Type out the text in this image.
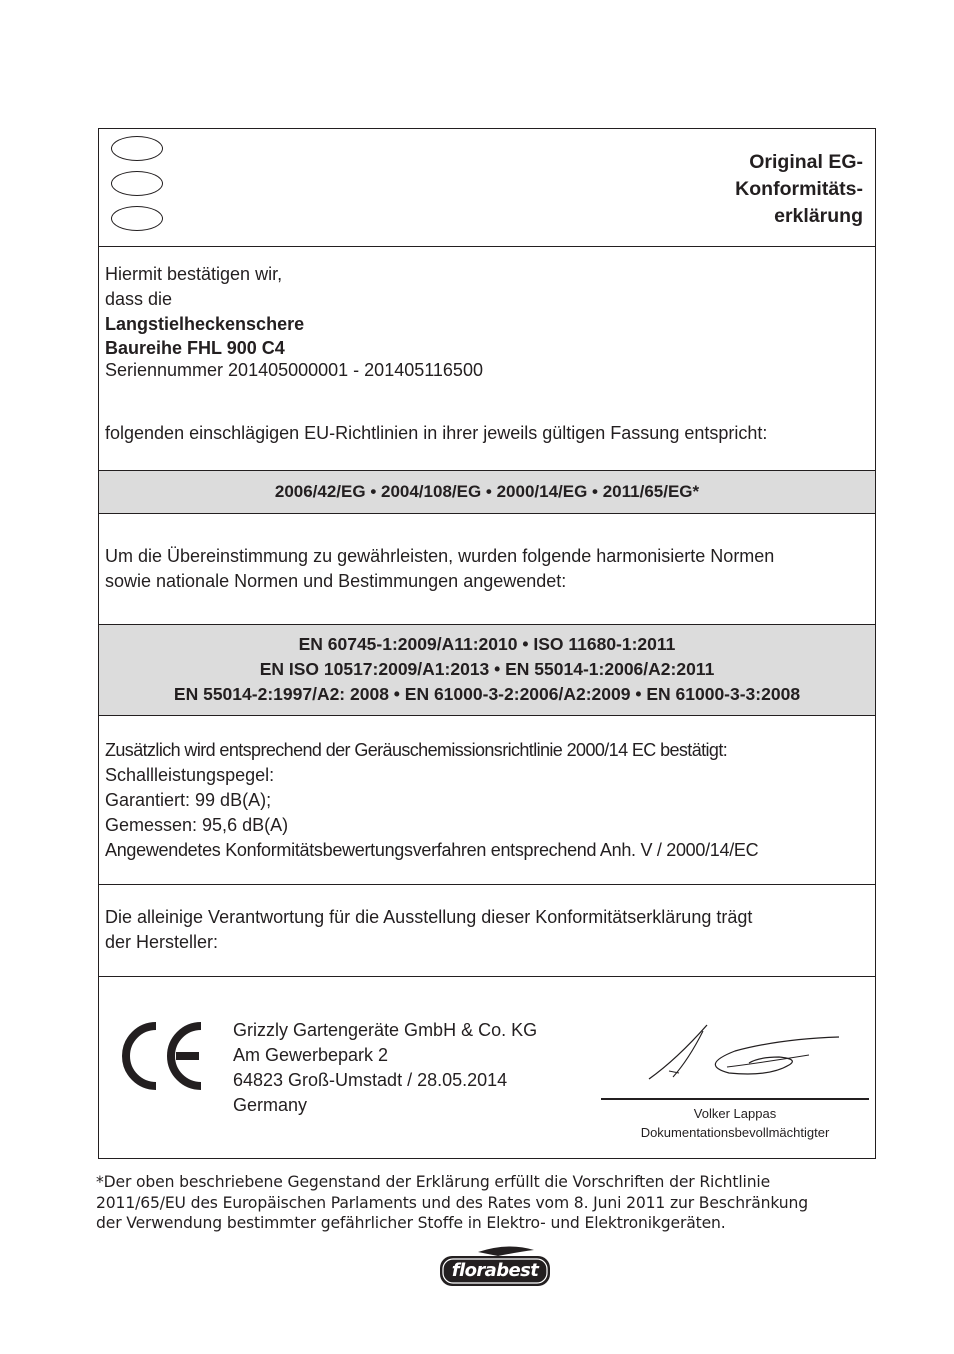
Original EG-
Konformitäts-
erklärung
Hiermit bestätigen wir,
dass die
Langstielheckenschere
Baureihe FHL 900 C4
Seriennummer 201405000001 - 201405116500
folgenden einschlägigen EU-Richtlinien in ihrer jeweils gültigen Fassung entspricht:
2006/42/EG • 2004/108/EG • 2000/14/EG • 2011/65/EG*
Um die Übereinstimmung zu gewährleisten, wurden folgende harmonisierte Normen
sowie nationale Normen und Bestimmungen angewendet:
EN 60745-1:2009/A11:2010 • ISO 11680-1:2011
EN ISO 10517:2009/A1:2013 • EN 55014-1:2006/A2:2011
EN 55014-2:1997/A2: 2008 • EN 61000-3-2:2006/A2:2009 • EN 61000-3-3:2008
Zusätzlich wird entsprechend der Geräuschemissionsrichtlinie 2000/14 EC bestätigt:
Schallleistungspegel:
Garantiert: 99 dB(A);
Gemessen: 95,6 dB(A)
Angewendetes Konformitätsbewertungsverfahren entsprechend Anh. V / 2000/14/EC
Die alleinige Verantwortung für die Ausstellung dieser Konformitätserklärung trägt
der Hersteller:
Grizzly Gartengeräte GmbH & Co. KG
Am Gewerbepark 2
64823 Groß-Umstadt / 28.05.2014
Germany	Volker Lappas
Dokumentationsbevollmächtigter
*Der oben beschriebene Gegenstand der Erklärung erfüllt die Vorschriften der Richtlinie
2011/65/EU des Europäischen Parlaments und des Rates vom 8. Juni 2011 zur Beschränkung
der Verwendung bestimmter gefährlicher Stoffe in Elektro- und Elektronikgeräten.
florabest
